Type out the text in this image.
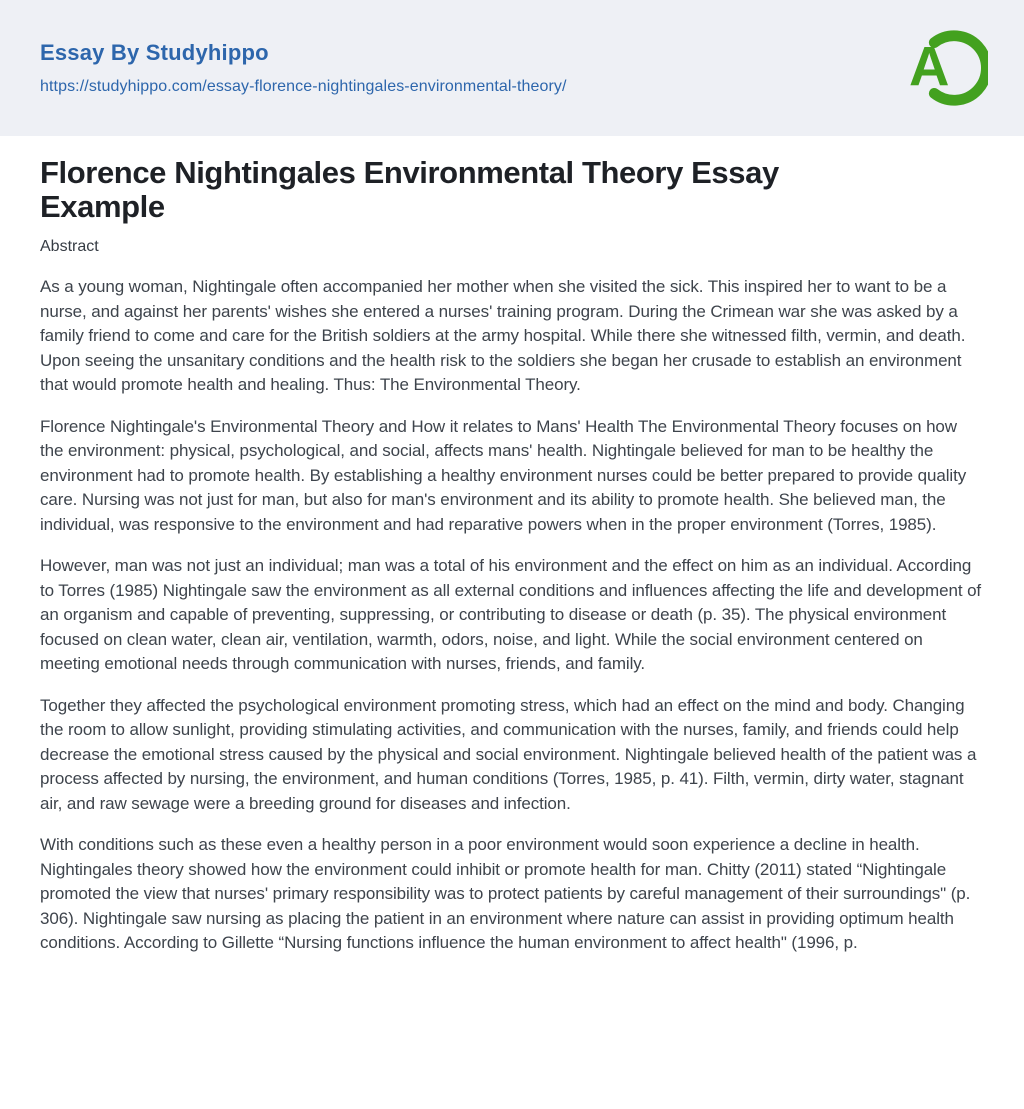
Essay By Studyhippo
https://studyhippo.com/essay-florence-nightingales-environmental-theory/	A
Florence Nightingales Environmental Theory Essay Example
Abstract

As a young woman, Nightingale often accompanied her mother when she visited the sick. This inspired her to want to be a nurse, and against her parents' wishes she entered a nurses' training program. During the Crimean war she was asked by a family friend to come and care for the British soldiers at the army hospital. While there she witnessed filth, vermin, and death. Upon seeing the unsanitary conditions and the health risk to the soldiers she began her crusade to establish an environment that would promote health and healing. Thus: The Environmental Theory.

Florence Nightingale's Environmental Theory and How it relates to Mans' Health The Environmental Theory focuses on how the environment: physical, psychological, and social, affects mans' health. Nightingale believed for man to be healthy the environment had to promote health. By establishing a healthy environment nurses could be better prepared to provide quality care. Nursing was not just for man, but also for man's environment and its ability to promote health. She believed man, the individual, was responsive to the environment and had reparative powers when in the proper environment (Torres, 1985).

However, man was not just an individual; man was a total of his environment and the effect on him as an individual. According to Torres (1985) Nightingale saw the environment as all external conditions and influences affecting the life and development of an organism and capable of preventing, suppressing, or contributing to disease or death (p. 35). The physical environment focused on clean water, clean air, ventilation, warmth, odors, noise, and light. While the social environment centered on meeting emotional needs through communication with nurses, friends, and family.

Together they affected the psychological environment promoting stress, which had an effect on the mind and body. Changing the room to allow sunlight, providing stimulating activities, and communication with the nurses, family, and friends could help decrease the emotional stress caused by the physical and social environment. Nightingale believed health of the patient was a process affected by nursing, the environment, and human conditions (Torres, 1985, p. 41). Filth, vermin, dirty water, stagnant air, and raw sewage were a breeding ground for diseases and infection.

With conditions such as these even a healthy person in a poor environment would soon experience a decline in health. Nightingales theory showed how the environment could inhibit or promote health for man. Chitty (2011) stated “Nightingale promoted the view that nurses' primary responsibility was to protect patients by careful management of their surroundings" (p. 306). Nightingale saw nursing as placing the patient in an environment where nature can assist in providing optimum health conditions. According to Gillette “Nursing functions influence the human environment to affect health" (1996, p.
